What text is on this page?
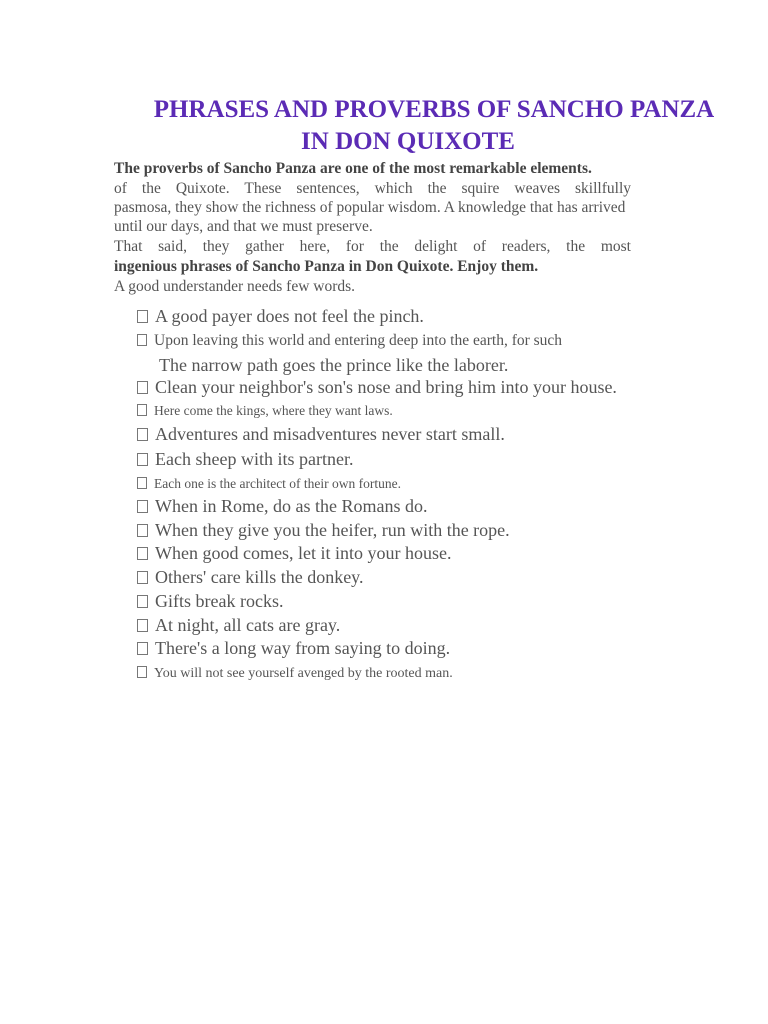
PHRASES AND PROVERBS OF SANCHO PANZA
IN DON QUIXOTE
The proverbs of Sancho Panza are one of the most remarkable elements.
of the Quixote. These sentences, which the squire weaves skillfully
pasmosa, they show the richness of popular wisdom. A knowledge that has arrived
until our days, and that we must preserve.
That said, they gather here, for the delight of readers, the most
ingenious phrases of Sancho Panza in Don Quixote. Enjoy them.
A good understander needs few words.
A good payer does not feel the pinch.
Upon leaving this world and entering deep into the earth, for such
The narrow path goes the prince like the laborer.
Clean your neighbor's son's nose and bring him into your house.
Here come the kings, where they want laws.
Adventures and misadventures never start small.
Each sheep with its partner.
Each one is the architect of their own fortune.
When in Rome, do as the Romans do.
When they give you the heifer, run with the rope.
When good comes, let it into your house.
Others' care kills the donkey.
Gifts break rocks.
At night, all cats are gray.
There's a long way from saying to doing.
You will not see yourself avenged by the rooted man.
